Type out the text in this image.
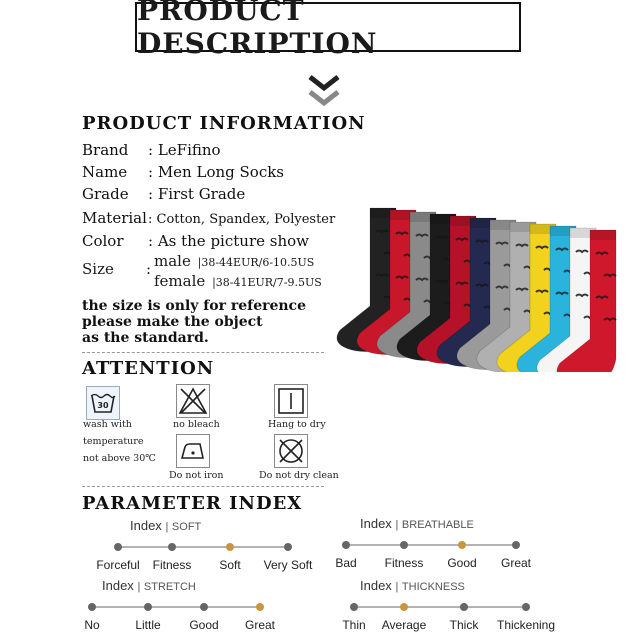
PRODUCT DESCRIPTION
PRODUCT INFORMATION
Brand : LeFifino
Name : Men Long Socks
Grade : First Grade
Material: Cotton, Spandex, Polyester
Color : As the picture show
Size : male |38-44EUR/6-10.5US
female |38-41EUR/7-9.5US
the size is only for reference
please make the object
as the standard.
ATTENTION
30
wash with
temperature
not above 30℃
no bleach	Hang to dry
Do not iron	Do not dry clean
PARAMETER INDEX
Index | SOFT
Forceful Fitness Soft Very Soft
Index | BREATHABLE
Bad Fitness Good Great
Index | STRETCH
No	Little Good Great
Index | THICKNESS
Thin Average Thick Thickening
